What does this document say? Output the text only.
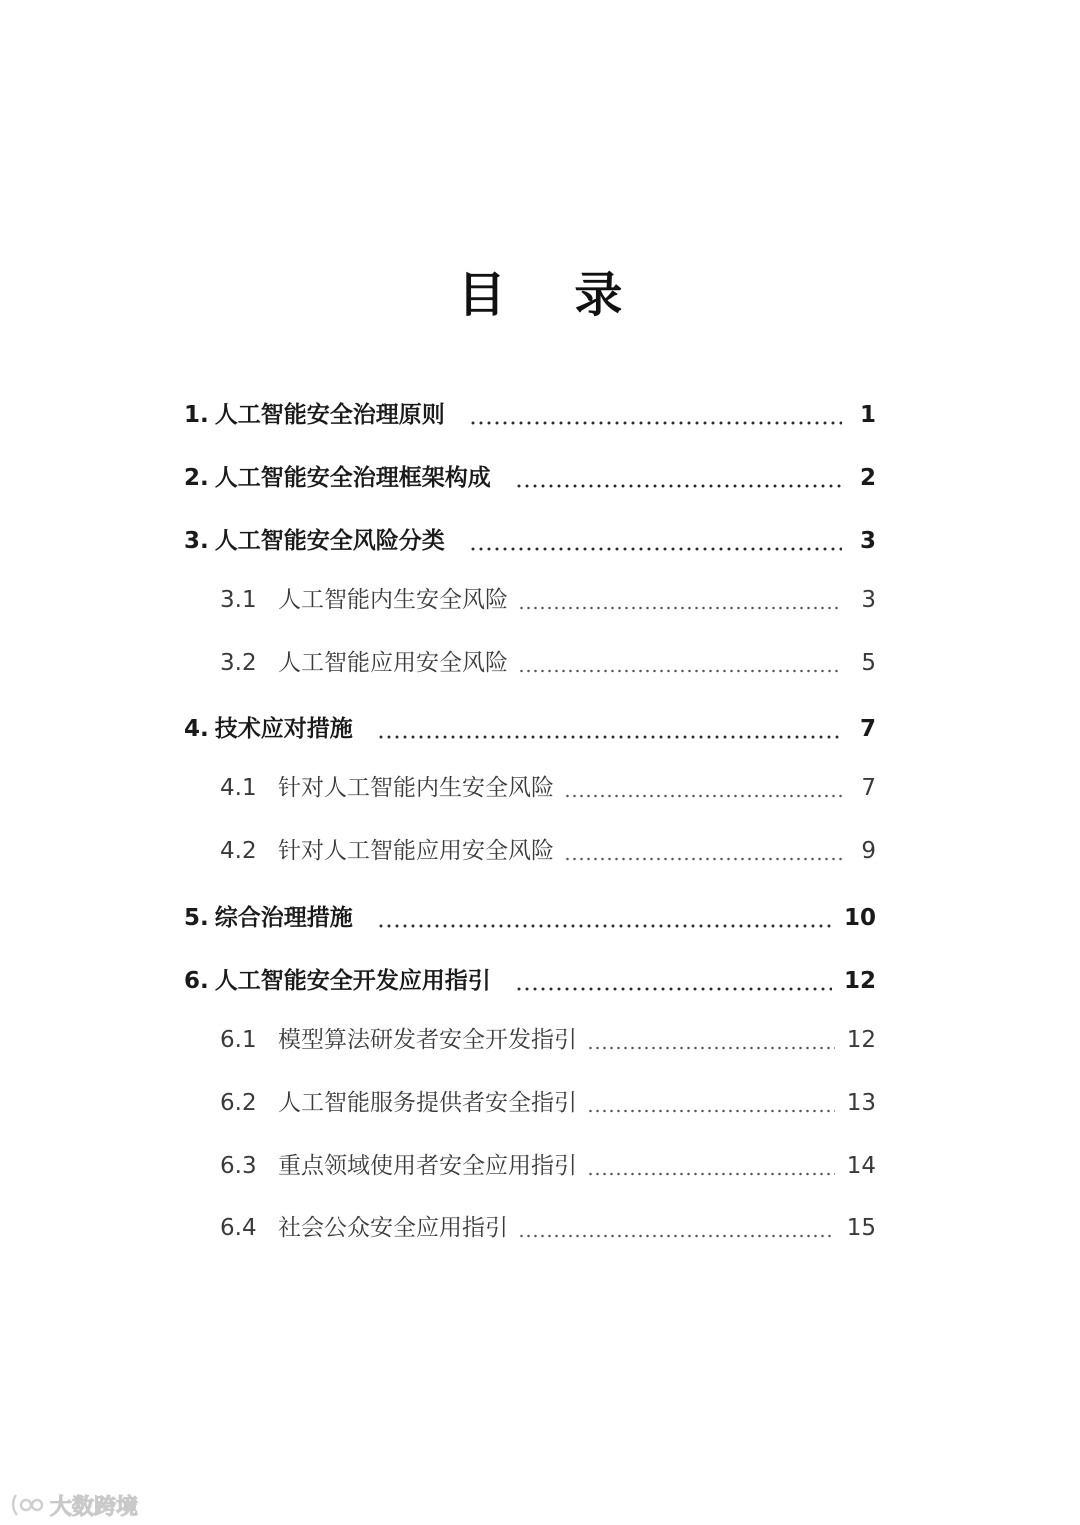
目 录
1. 人工智能安全治理原则	1
2. 人工智能安全治理框架构成	2
3. 人工智能安全风险分类	3
3.1 人工智能内生安全风险	3
3.2 人工智能应用安全风险	5
4. 技术应对措施	7
4.1 针对人工智能内生安全风险	7
4.2 针对人工智能应用安全风险	9
5. 综合治理措施	10
6. 人工智能安全开发应用指引	12
6.1 模型算法研发者安全开发指引	12
6.2 人工智能服务提供者安全指引	13
6.3 重点领域使用者安全应用指引	14
6.4 社会公众安全应用指引	15
大数跨境
